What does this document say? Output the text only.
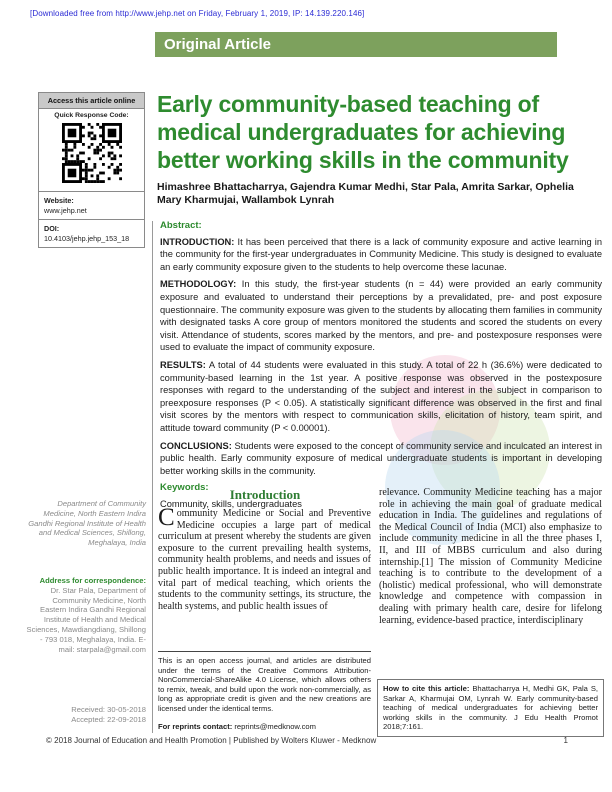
[Downloaded free from http://www.jehp.net on Friday, February 1, 2019, IP: 14.139.220.146]
Original Article
Access this article online
Quick Response Code:
Website:
www.jehp.net
DOI:
10.4103/jehp.jehp_153_18
Early community-based teaching of medical undergraduates for achieving better working skills in the community
Himashree Bhattacharrya, Gajendra Kumar Medhi, Star Pala, Amrita Sarkar, Ophelia Mary Kharmujai, Wallambok Lynrah
Abstract:

INTRODUCTION: It has been perceived that there is a lack of community exposure and active learning in the community for the first-year undergraduates in Community Medicine. This study is designed to evaluate an early community exposure given to the students to help overcome these lacunae.

METHODOLOGY: In this study, the first-year students (n = 44) were provided an early community exposure and evaluated to understand their perceptions by a prevalidated, pre- and post exposure questionnaire. The community exposure was given to the students by allocating them families in community with designated tasks A core group of mentors monitored the students and scored the students on every visit. Attendance of students, scores marked by the mentors, and pre- and postexposure responses were used to evaluate the impact of community exposure.

RESULTS: A total of 44 students were evaluated in this study. A total of 22 h (36.6%) were dedicated to community-based learning in the 1st year. A positive response was observed in the postexposure responses with regard to the understanding of the subject and interest in the subject in comparison to preexposure responses (P < 0.05). A statistically significant difference was observed in the first and final visit scores by the mentors with respect to communication skills, elicitation of history, team spirit, and attitude toward community (P < 0.00001).

CONCLUSIONS: Students were exposed to the concept of community service and inculcated an interest in public health. Early community exposure of medical undergraduate students is important in developing better working skills in the community.

Keywords:
Community, skills, undergraduates
Department of Community Medicine, North Eastern Indira Gandhi Regional Institute of Health and Medical Sciences, Shillong, Meghalaya, India
Address for correspondence:
Dr. Star Pala, Department of Community Medicine, North Eastern Indira Gandhi Regional Institute of Health and Medical Sciences, Mawdiangdiang, Shillong - 793 018, Meghalaya, India. E-mail: starpala@gmail.com
Received: 30-05-2018
Accepted: 22-09-2018
Introduction

Community Medicine or Social and Preventive Medicine occupies a large part of medical curriculum at present whereby the students are given exposure to the current prevailing health systems, community health problems, and needs and issues of public health importance. It is indeed an integral and vital part of medical teaching, which orients the students to the community settings, its structure, the health systems, and public health issues of

relevance. Community Medicine teaching has a major role in achieving the main goal of graduate medical education in India. The guidelines and regulations of the Medical Council of India (MCI) also emphasize to include community medicine in all the three phases I, II, and III of MBBS curriculum and also during internship.[1] The mission of Community Medicine teaching is to contribute to the development of a (holistic) medical professional, who will demonstrate knowledge and competence with compassion in dealing with primary health care, desire for lifelong learning, evidence-based practice, interdisciplinary

This is an open access journal, and articles are distributed under the terms of the Creative Commons Attribution-NonCommercial-ShareAlike 4.0 License, which allows others to remix, tweak, and build upon the work non-commercially, as long as appropriate credit is given and the new creations are licensed under the identical terms.
For reprints contact: reprints@medknow.com
How to cite this article: Bhattacharrya H, Medhi GK, Pala S, Sarkar A, Kharmujai OM, Lynrah W. Early community-based teaching of medical undergraduates for achieving better working skills in the community. J Edu Health Promot 2018;7:161.
© 2018 Journal of Education and Health Promotion | Published by Wolters Kluwer - Medknow	1
